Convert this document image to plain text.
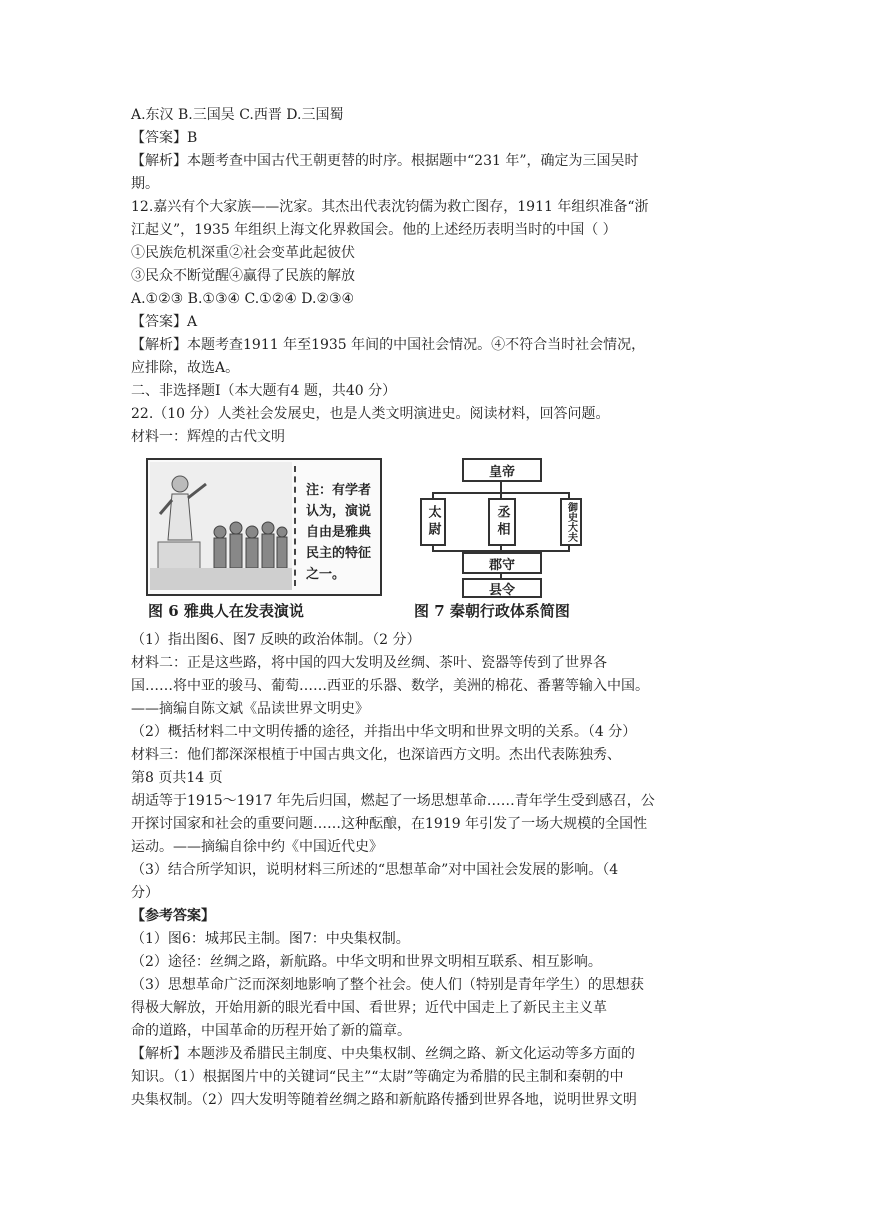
A.东汉 B.三国吴 C.西晋 D.三国蜀
【答案】B
【解析】本题考查中国古代王朝更替的时序。根据题中“231 年”，确定为三国吴时
期。
12.嘉兴有个大家族——沈家。其杰出代表沈钧儒为救亡图存，1911 年组织准备“浙
江起义”，1935 年组织上海文化界救国会。他的上述经历表明当时的中国（ ）
①民族危机深重②社会变革此起彼伏
③民众不断觉醒④赢得了民族的解放
A.①②③ B.①③④ C.①②④ D.②③④
【答案】A
【解析】本题考查1911 年至1935 年间的中国社会情况。④不符合当时社会情况，
应排除，故选A。
二、非选择题Ⅰ（本大题有4 题，共40 分）
22.（10 分）人类社会发展史，也是人类文明演进史。阅读材料，回答问题。
材料一：辉煌的古代文明
注：有学者认为，演说自由是雅典民主的特征之一。
图 6 雅典人在发表演说
皇帝
太尉	丞相	御史大夫
郡守
县令
图 7 秦朝行政体系简图
（1）指出图6、图7 反映的政治体制。（2 分）
材料二：正是这些路，将中国的四大发明及丝绸、茶叶、瓷器等传到了世界各
国……将中亚的骏马、葡萄……西亚的乐器、数学，美洲的棉花、番薯等输入中国。
——摘编自陈文斌《品读世界文明史》
（2）概括材料二中文明传播的途径，并指出中华文明和世界文明的关系。（4 分）
材料三：他们都深深根植于中国古典文化，也深谙西方文明。杰出代表陈独秀、
第8 页共14 页
胡适等于1915～1917 年先后归国，燃起了一场思想革命……青年学生受到感召，公
开探讨国家和社会的重要问题……这种酝酿，在1919 年引发了一场大规模的全国性
运动。——摘编自徐中约《中国近代史》
（3）结合所学知识，说明材料三所述的“思想革命”对中国社会发展的影响。（4
分）
【参考答案】
（1）图6：城邦民主制。图7：中央集权制。
（2）途径：丝绸之路，新航路。中华文明和世界文明相互联系、相互影响。
（3）思想革命广泛而深刻地影响了整个社会。使人们（特别是青年学生）的思想获
得极大解放，开始用新的眼光看中国、看世界；近代中国走上了新民主主义革
命的道路，中国革命的历程开始了新的篇章。
【解析】本题涉及希腊民主制度、中央集权制、丝绸之路、新文化运动等多方面的
知识。（1）根据图片中的关键词“民主”“太尉”等确定为希腊的民主制和秦朝的中
央集权制。（2）四大发明等随着丝绸之路和新航路传播到世界各地，说明世界文明
